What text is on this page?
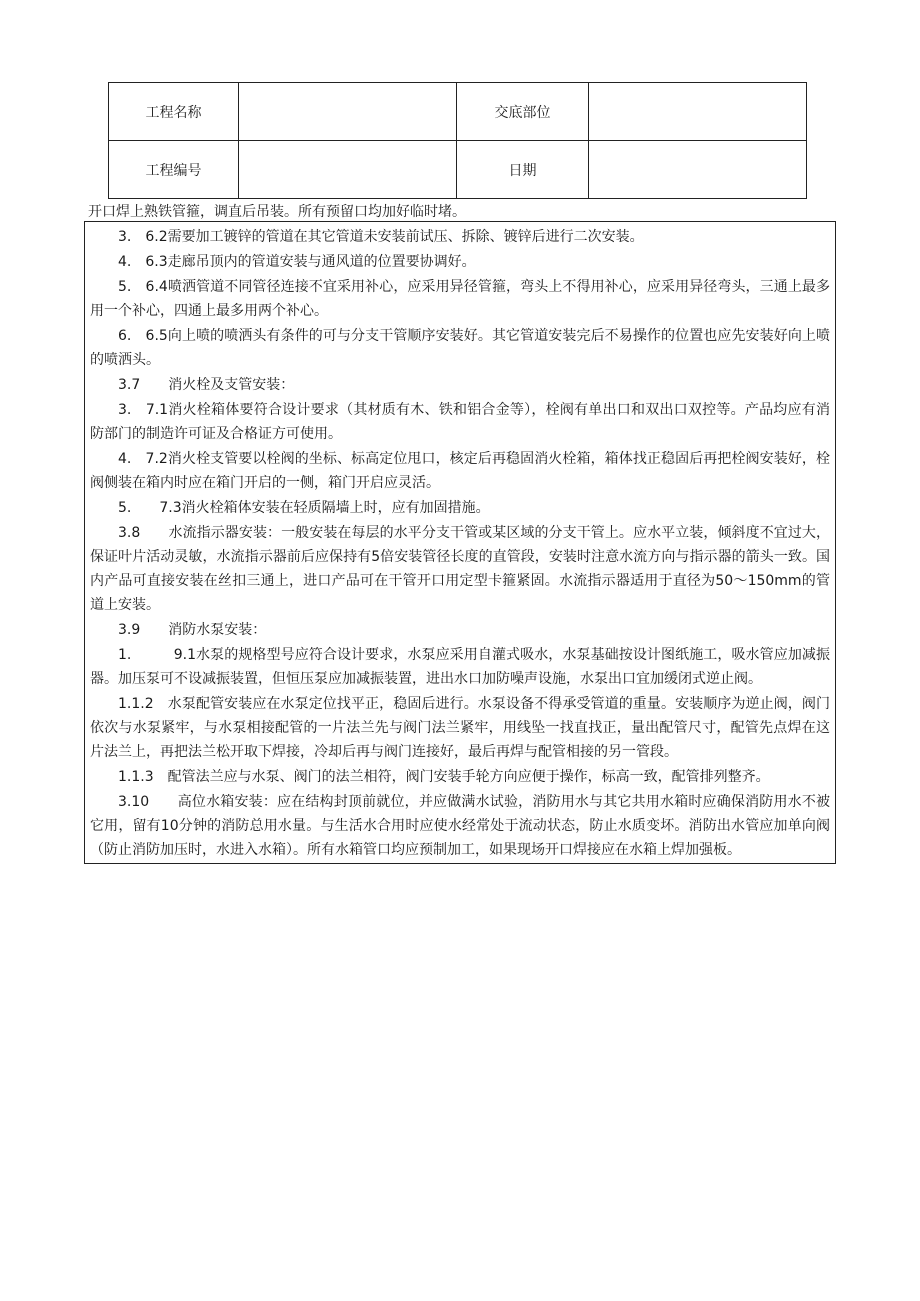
工程名称		交底部位	
工程编号		日期	
开口焊上熟铁管箍，调直后吊装。所有预留口均加好临时堵。

3.　6.2需要加工镀锌的管道在其它管道未安装前试压、拆除、镀锌后进行二次安装。

4.　6.3走廊吊顶内的管道安装与通风道的位置要协调好。

5.　6.4喷洒管道不同管径连接不宜采用补心，应采用异径管箍，弯头上不得用补心，应采用异径弯头，三通上最多用一个补心，四通上最多用两个补心。

6.　6.5向上喷的喷洒头有条件的可与分支干管顺序安装好。其它管道安装完后不易操作的位置也应先安装好向上喷的喷洒头。

3.7　　消火栓及支管安装：

3.　7.1消火栓箱体要符合设计要求（其材质有木、铁和铝合金等），栓阀有单出口和双出口双控等。产品均应有消防部门的制造许可证及合格证方可使用。

4.　7.2消火栓支管要以栓阀的坐标、标高定位甩口，核定后再稳固消火栓箱，箱体找正稳固后再把栓阀安装好，栓阀侧装在箱内时应在箱门开启的一侧，箱门开启应灵活。

5.　　7.3消火栓箱体安装在轻质隔墙上时，应有加固措施。

3.8　　水流指示器安装：一般安装在每层的水平分支干管或某区域的分支干管上。应水平立装，倾斜度不宜过大，保证叶片活动灵敏，水流指示器前后应保持有5倍安装管径长度的直管段，安装时注意水流方向与指示器的箭头一致。国内产品可直接安装在丝扣三通上，进口产品可在干管开口用定型卡箍紧固。水流指示器适用于直径为50～150mm的管道上安装。

3.9　　消防水泵安装：

1.　　　9.1水泵的规格型号应符合设计要求，水泵应采用自灌式吸水，水泵基础按设计图纸施工，吸水管应加减振器。加压泵可不设减振装置，但恒压泵应加减振装置，进出水口加防噪声设施，水泵出口宜加缓闭式逆止阀。

1.1.2　水泵配管安装应在水泵定位找平正，稳固后进行。水泵设备不得承受管道的重量。安装顺序为逆止阀，阀门依次与水泵紧牢，与水泵相接配管的一片法兰先与阀门法兰紧牢，用线坠一找直找正，量出配管尺寸，配管先点焊在这片法兰上，再把法兰松开取下焊接，冷却后再与阀门连接好，最后再焊与配管相接的另一管段。

1.1.3　配管法兰应与水泵、阀门的法兰相符，阀门安装手轮方向应便于操作，标高一致，配管排列整齐。

3.10　　高位水箱安装：应在结构封顶前就位，并应做满水试验，消防用水与其它共用水箱时应确保消防用水不被它用，留有10分钟的消防总用水量。与生活水合用时应使水经常处于流动状态，防止水质变坏。消防出水管应加单向阀（防止消防加压时，水进入水箱）。所有水箱管口均应预制加工，如果现场开口焊接应在水箱上焊加强板。
